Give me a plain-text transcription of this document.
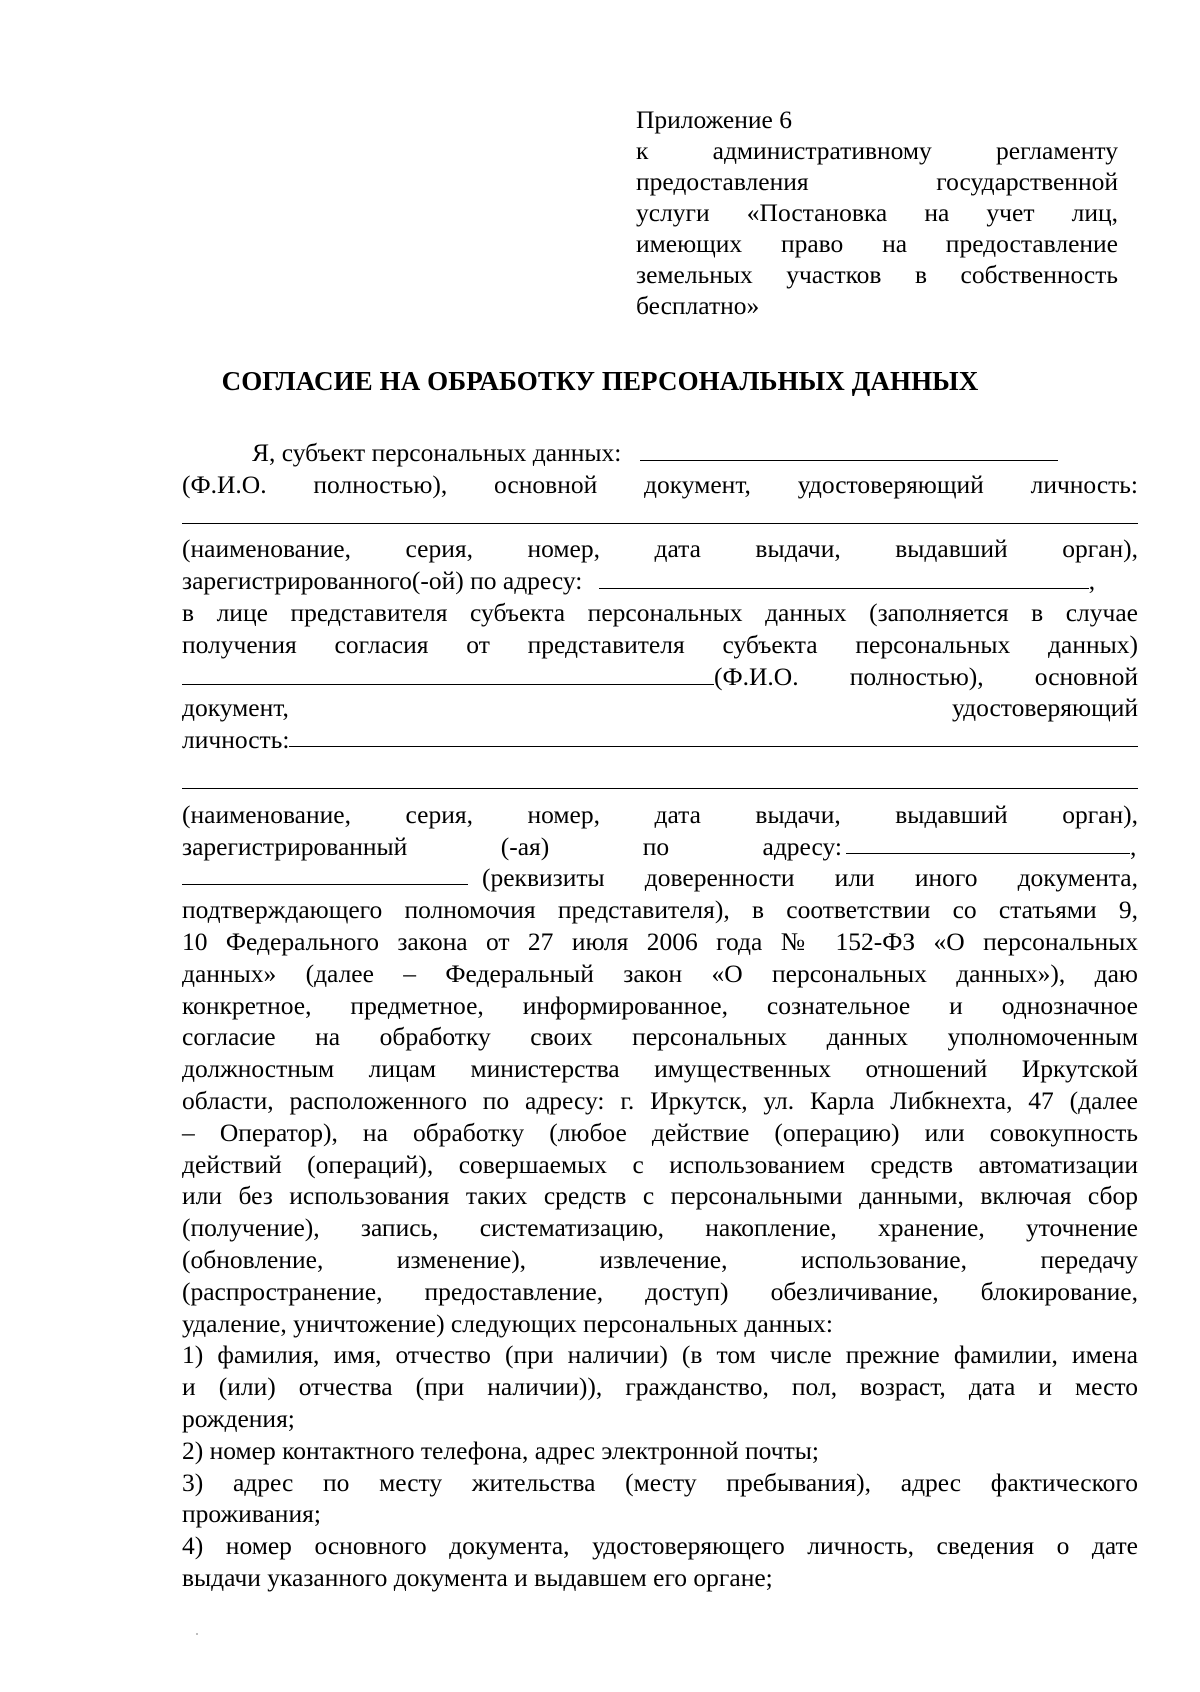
Приложение 6
к административному регламенту
предоставления государственной
услуги «Постановка на учет лиц,
имеющих право на предоставление
земельных участков в собственность
бесплатно»
СОГЛАСИЕ НА ОБРАБОТКУ ПЕРСОНАЛЬНЫХ ДАННЫХ
Я, субъект персональных данных:
(Ф.И.О. полностью), основной документ, удостоверяющий личность:
(наименование, серия, номер, дата выдачи, выдавший орган),
зарегистрированного(-ой) по адресу:	,
в лице представителя субъекта персональных данных (заполняется в случае
получения согласия от представителя субъекта персональных данных)
(Ф.И.О. полностью), основной
документ,	удостоверяющий
личность:
(наименование, серия, номер, дата выдачи, выдавший орган),
зарегистрированный (-ая) по адресу:	,
(реквизиты доверенности или иного документа,
подтверждающего полномочия представителя), в соответствии со статьями 9,
10 Федерального закона от 27 июля 2006 года № 152-ФЗ «О персональных
данных» (далее – Федеральный закон «О персональных данных»), даю
конкретное, предметное, информированное, сознательное и однозначное
согласие на обработку своих персональных данных уполномоченным
должностным лицам министерства имущественных отношений Иркутской
области, расположенного по адресу: г. Иркутск, ул. Карла Либкнехта, 47 (далее
– Оператор), на обработку (любое действие (операцию) или совокупность
действий (операций), совершаемых с использованием средств автоматизации
или без использования таких средств с персональными данными, включая сбор
(получение), запись, систематизацию, накопление, хранение, уточнение
(обновление, изменение), извлечение, использование, передачу
(распространение, предоставление, доступ) обезличивание, блокирование,
удаление, уничтожение) следующих персональных данных:
1) фамилия, имя, отчество (при наличии) (в том числе прежние фамилии, имена
и (или) отчества (при наличии)), гражданство, пол, возраст, дата и место
рождения;
2) номер контактного телефона, адрес электронной почты;
3) адрес по месту жительства (месту пребывания), адрес фактического
проживания;
4) номер основного документа, удостоверяющего личность, сведения о дате
выдачи указанного документа и выдавшем его органе;
